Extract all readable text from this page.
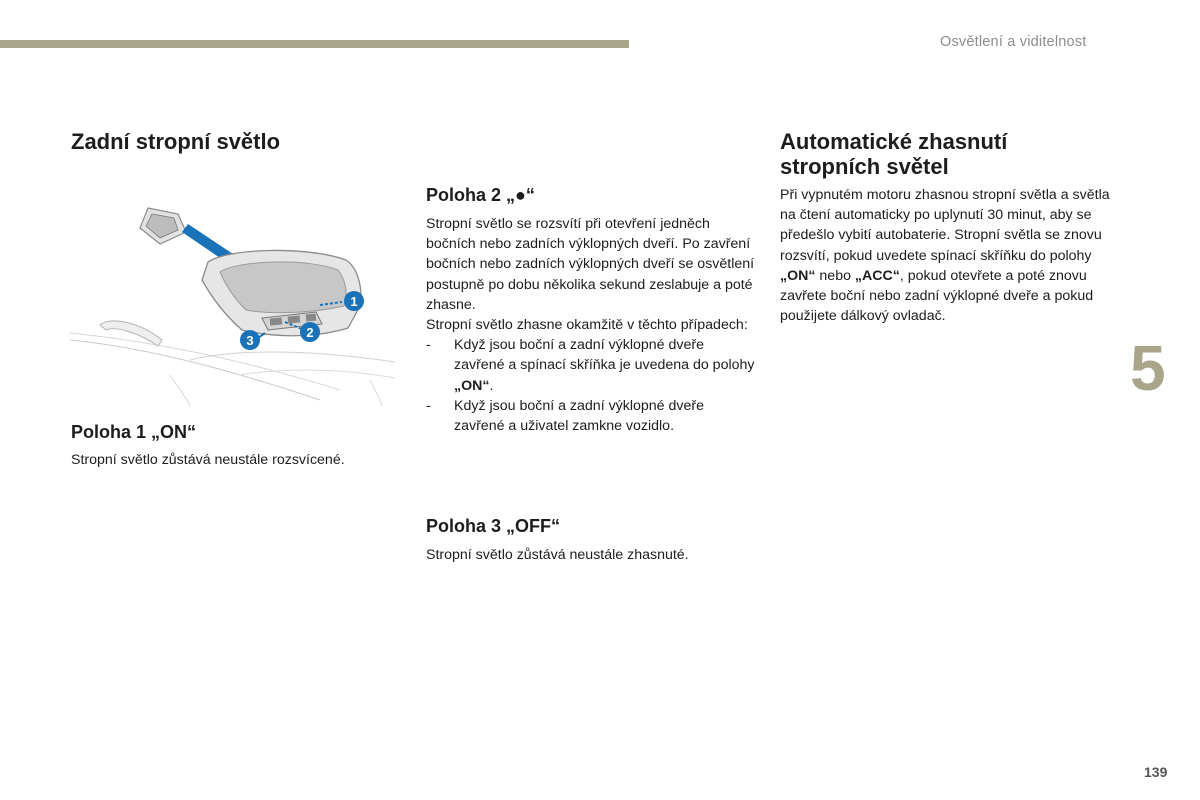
Osvětlení a viditelnost
Zadní stropní světlo
1
2
3
Poloha 1 „ON“

Stropní světlo zůstává neustále rozsvícené.

Poloha 2 „●“
Stropní světlo se rozsvítí při otevření jedněch bočních nebo zadních výklopných dveří. Po zavření bočních nebo zadních výklopných dveří se osvětlení postupně po dobu několika sekund zeslabuje a poté zhasne.
Stropní světlo zhasne okamžitě v těchto případech:
- Když jsou boční a zadní výklopné dveře zavřené a spínací skříňka je uvedena do polohy „ON“.
- Když jsou boční a zadní výklopné dveře zavřené a uživatel zamkne vozidlo.
Poloha 3 „OFF“

Stropní světlo zůstává neustále zhasnuté.

Automatické zhasnutí stropních světel

Při vypnutém motoru zhasnou stropní světla a světla na čtení automaticky po uplynutí 30 minut, aby se předešlo vybití autobaterie. Stropní světla se znovu rozsvítí, pokud uvedete spínací skříňku do polohy „ON“ nebo „ACC“, pokud otevřete a poté znovu zavřete boční nebo zadní výklopné dveře a pokud použijete dálkový ovladač.

5
139
